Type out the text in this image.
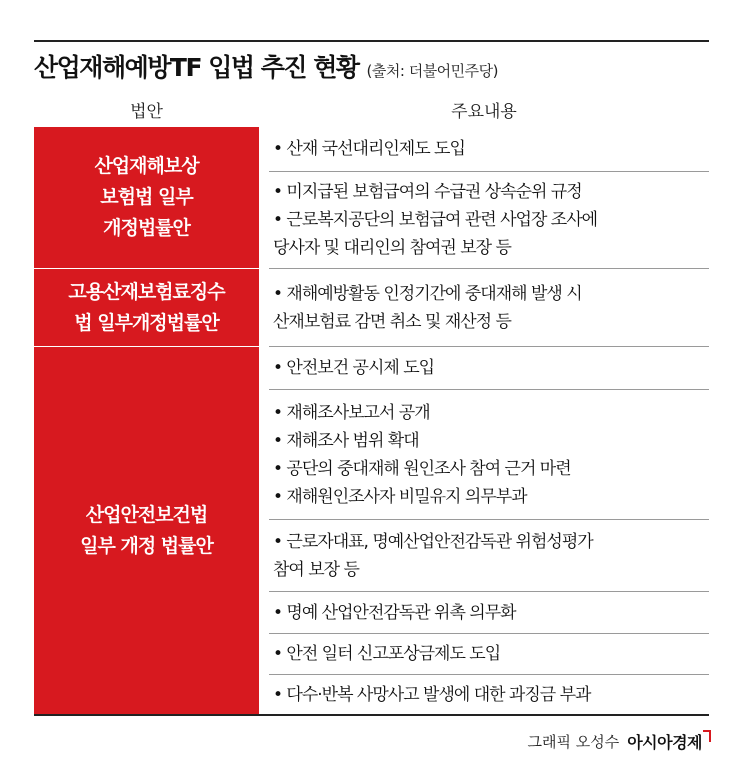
산업재해예방TF 입법 추진 현황 (출처: 더불어민주당)
법안	주요내용
산업재해보상
보험법 일부
개정법률안
고용산재보험료징수
법 일부개정법률안
산업안전보건법
일부 개정 법률안
• 산재 국선대리인제도 도입
• 미지급된 보험급여의 수급권 상속순위 규정
• 근로복지공단의 보험급여 관련 사업장 조사에
당사자 및 대리인의 참여권 보장 등
• 재해예방활동 인정기간에 중대재해 발생 시
산재보험료 감면 취소 및 재산정 등
• 안전보건 공시제 도입
• 재해조사보고서 공개
• 재해조사 범위 확대
• 공단의 중대재해 원인조사 참여 근거 마련
• 재해원인조사자 비밀유지 의무부과
• 근로자대표, 명예산업안전감독관 위험성평가
참여 보장 등
• 명예 산업안전감독관 위촉 의무화
• 안전 일터 신고포상금제도 도입
• 다수·반복 사망사고 발생에 대한 과징금 부과
그래픽 오성수 아시아경제
